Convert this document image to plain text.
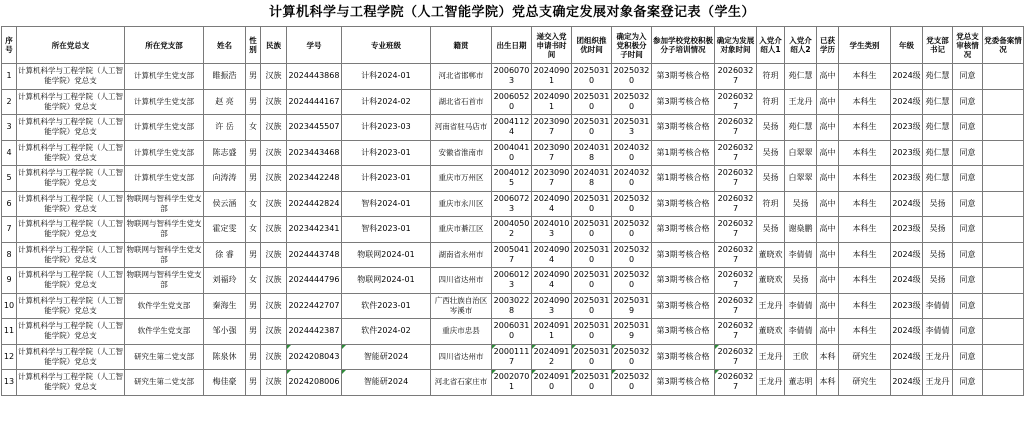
计算机科学与工程学院（人工智能学院）党总支确定发展对象备案登记表（学生）
序号	所在党总支	所在党支部	姓名	性别	民族	学号	专业班级	籍贯	出生日期	递交入党申请书时间	团组织推优时间	确定为入党积极分子时间	参加学校党校积极分子培训情况	确定为发展对象时间	入党介绍人1	入党介绍人2	已获学历	学生类别	年级	党支部书记	党总支审核情况	党委备案情况
1	计算机科学与工程学院（人工智能学院）党总支	计算机学生党支部	睢振浩	男	汉族	2024443868	计科2024-01	河北省邯郸市	20060703	20240901	20250310	20250320	第3期考核合格	20260327	符玥	苑仁慧	高中	本科生	2024级	苑仁慧	同意	
2	计算机科学与工程学院（人工智能学院）党总支	计算机学生党支部	赵 亮	男	汉族	2024444167	计科2024-02	湖北省石首市	20060520	20240901	20250310	20250320	第3期考核合格	20260327	符玥	王龙丹	高中	本科生	2024级	苑仁慧	同意	
3	计算机科学与工程学院（人工智能学院）党总支	计算机学生党支部	许 岳	女	汉族	2023445507	计科2023-03	河南省驻马店市	20041124	20230907	20250310	20250313	第3期考核合格	20260327	吴扬	苑仁慧	高中	本科生	2023级	苑仁慧	同意	
4	计算机科学与工程学院（人工智能学院）党总支	计算机学生党支部	陈志盛	男	汉族	2023443468	计科2023-01	安徽省淮南市	20040410	20230907	20240318	20240320	第1期考核合格	20260327	吴扬	白翠翠	高中	本科生	2023级	苑仁慧	同意	
5	计算机科学与工程学院（人工智能学院）党总支	计算机学生党支部	向涛涛	男	汉族	2023442248	计科2023-01	重庆市万州区	20040125	20230907	20240318	20240320	第1期考核合格	20260327	吴扬	白翠翠	高中	本科生	2023级	苑仁慧	同意	
6	计算机科学与工程学院（人工智能学院）党总支	物联网与智科学生党支部	侯云涵	女	汉族	2024442824	智科2024-01	重庆市永川区	20060723	20240904	20250310	20250320	第3期考核合格	20260327	符玥	吴扬	高中	本科生	2024级	吴扬	同意	
7	计算机科学与工程学院（人工智能学院）党总支	物联网与智科学生党支部	霍定雯	女	汉族	2023442341	智科2023-01	重庆市綦江区	20040502	20240103	20250310	20250320	第3期考核合格	20260327	吴扬	谢燊鹏	高中	本科生	2023级	吴扬	同意	
8	计算机科学与工程学院（人工智能学院）党总支	物联网与智科学生党支部	徐 睿	男	汉族	2024443748	物联网2024-01	湖南省永州市	20050417	20240904	20250310	20250320	第3期考核合格	20260327	董晓欢	李倩倩	高中	本科生	2024级	吴扬	同意	
9	计算机科学与工程学院（人工智能学院）党总支	物联网与智科学生党支部	刘福玲	女	汉族	2024444796	物联网2024-01	四川省达州市	20060123	20240904	20250310	20250320	第3期考核合格	20260327	董晓欢	吴扬	高中	本科生	2024级	吴扬	同意	
10	计算机科学与工程学院（人工智能学院）党总支	软件学生党支部	秦海生	男	汉族	2022442707	软件2023-01	广西壮族自治区岑溪市	20030228	20240903	20250310	20250319	第3期考核合格	20260327	王龙丹	李倩倩	高中	本科生	2023级	李倩倩	同意	
11	计算机科学与工程学院（人工智能学院）党总支	软件学生党支部	邹小强	男	汉族	2024442387	软件2024-02	重庆市忠县	20060310	20240911	20250310	20250319	第3期考核合格	20260327	董晓欢	李倩倩	高中	本科生	2024级	李倩倩	同意	
12	计算机科学与工程学院（人工智能学院）党总支	研究生第二党支部	陈泉休	男	汉族	2024208043	智能研2024	四川省达州市	20001117	20240912	20250310	20250320	第3期考核合格	20260327	王龙丹	王欣	本科	研究生	2024级	王龙丹	同意	
13	计算机科学与工程学院（人工智能学院）党总支	研究生第二党支部	梅佳豪	男	汉族	2024208006	智能研2024	河北省石家庄市	20020701	20240910	20250310	20250320	第3期考核合格	20260327	王龙丹	董志明	本科	研究生	2024级	王龙丹	同意	
